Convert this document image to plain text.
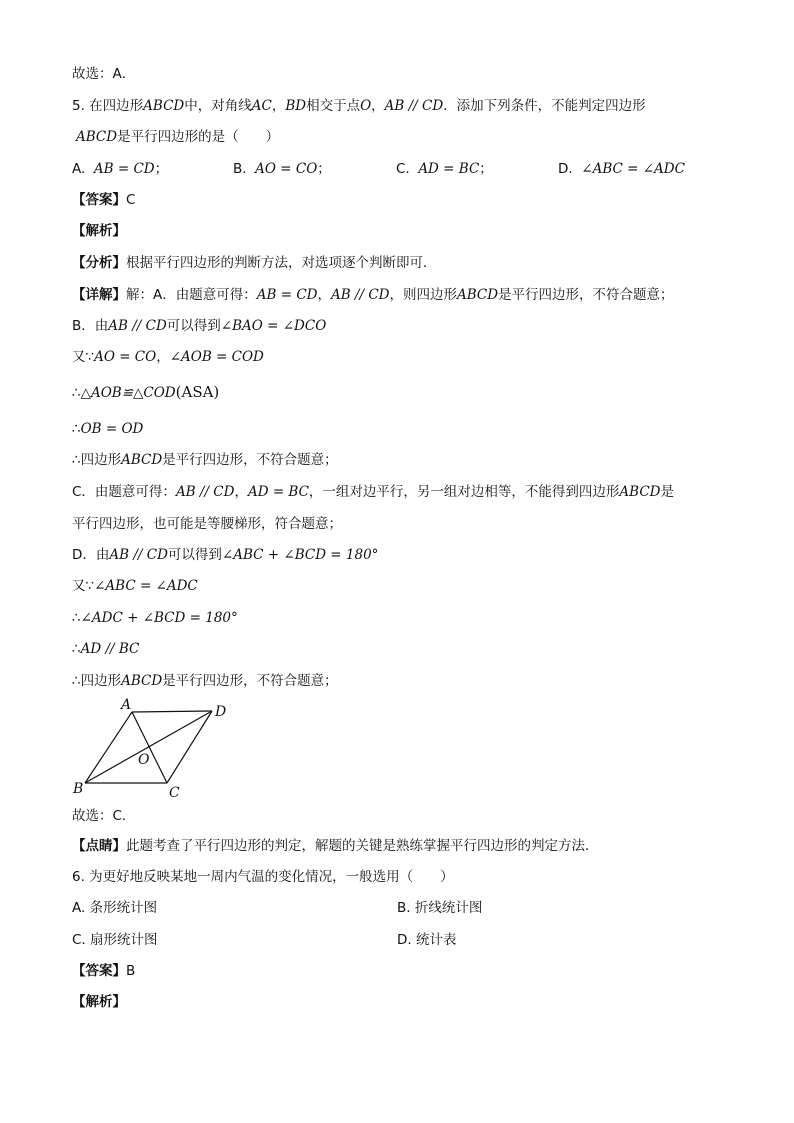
故选：A．
5. 在四边形ABCD中，对角线AC，BD相交于点O，AB // CD．添加下列条件，不能判定四边形
ABCD是平行四边形的是（　　）
A. AB = CD；	B. AO = CO；	C. AD = BC；	D. ∠ABC = ∠ADC
【答案】C
【解析】
【分析】根据平行四边形的判断方法，对选项逐个判断即可．
【详解】解：A．由题意可得：AB = CD，AB // CD，则四边形ABCD是平行四边形，不符合题意；
B．由AB // CD可以得到∠BAO = ∠DCO
又∵AO = CO，∠AOB = COD
∴△AOB≌△COD(ASA)
∴OB = OD
∴四边形ABCD是平行四边形，不符合题意；
C．由题意可得：AB // CD，AD = BC，一组对边平行，另一组对边相等，不能得到四边形ABCD是
平行四边形，也可能是等腰梯形，符合题意；
D．由AB // CD可以得到∠ABC + ∠BCD = 180°
又∵∠ABC = ∠ADC
∴∠ADC + ∠BCD = 180°
∴AD // BC
∴四边形ABCD是平行四边形，不符合题意；
A	D
B	C
O
故选：C．
【点睛】此题考查了平行四边形的判定，解题的关键是熟练掌握平行四边形的判定方法．
6. 为更好地反映某地一周内气温的变化情况，一般选用（　　）
A. 条形统计图	B. 折线统计图
C. 扇形统计图	D. 统计表
【答案】B
【解析】
